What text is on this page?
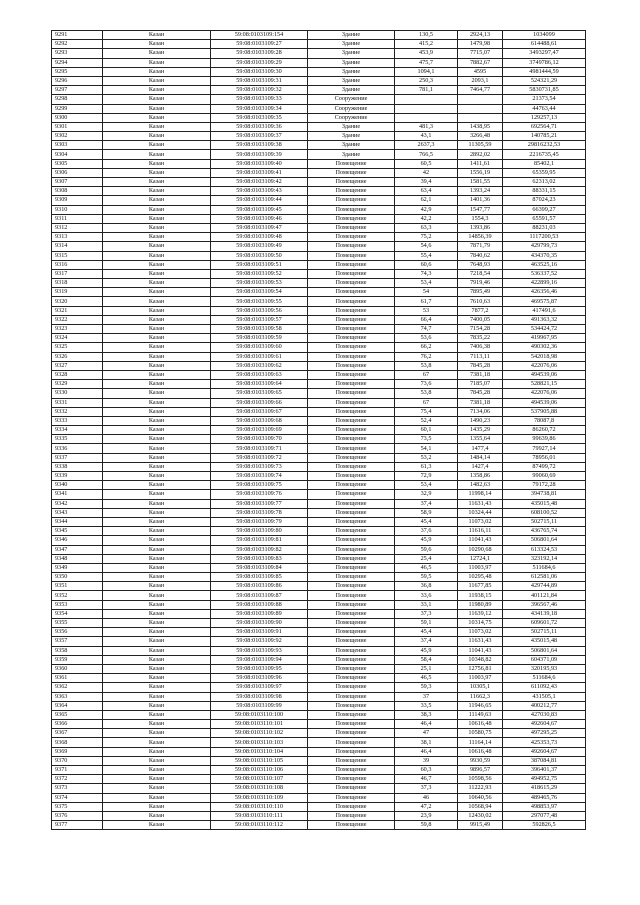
9291	Казан	59:08:0103109:154	Здание	130,5	2924,13	1034099
9292	Казан	59:08:0103109:27	Здание	415,2	1479,98	614488,61
9293	Казан	59:08:0103109:28	Здание	453,9	7715,07	3493297,47
9294	Казан	59:08:0103109:29	Здание	475,7	7882,67	3749786,12
9295	Казан	59:08:0103109:30	Здание	1094,1	4595	4981444,59
9296	Казан	59:08:0103109:31	Здание	250,3	2093,1	524321,29
9297	Казан	59:08:0103109:32	Здание	781,1	7464,77	5830731,85
9298	Казан	59:08:0103109:33	Сооружение			21373,54
9299	Казан	59:08:0103109:34	Сооружение			44763,44
9300	Казан	59:08:0103109:35	Сооружение			129257,13
9301	Казан	59:08:0103109:36	Здание	481,3	1438,95	692564,71
9302	Казан	59:08:0103109:37	Здание	43,1	3266,48	140785,21
9303	Казан	59:08:0103109:38	Здание	2637,3	11305,59	29816232,53
9304	Казан	59:08:0103109:39	Здание	766,5	2892,02	2216735,45
9305	Казан	59:08:0103109:40	Помещение	60,5	1411,61	85402,1
9306	Казан	59:08:0103109:41	Помещение	42	1556,19	65359,95
9307	Казан	59:08:0103109:42	Помещение	39,4	1581,55	62313,02
9308	Казан	59:08:0103109:43	Помещение	63,4	1393,24	88331,15
9309	Казан	59:08:0103109:44	Помещение	62,1	1401,36	87024,23
9310	Казан	59:08:0103109:45	Помещение	42,9	1547,77	66399,27
9311	Казан	59:08:0103109:46	Помещение	42,2	1554,3	65591,57
9312	Казан	59:08:0103109:47	Помещение	63,3	1393,86	88231,03
9313	Казан	59:08:0103109:48	Помещение	75,2	14856,39	1117200,53
9314	Казан	59:08:0103109:49	Помещение	54,6	7871,79	429799,73
9315	Казан	59:08:0103109:50	Помещение	55,4	7840,62	434370,35
9316	Казан	59:08:0103109:51	Помещение	60,6	7648,93	463525,16
9317	Казан	59:08:0103109:52	Помещение	74,3	7218,54	536337,52
9318	Казан	59:08:0103109:53	Помещение	53,4	7919,46	422899,16
9319	Казан	59:08:0103109:54	Помещение	54	7895,49	426356,46
9320	Казан	59:08:0103109:55	Помещение	61,7	7610,63	469575,87
9321	Казан	59:08:0103109:56	Помещение	53	7877,2	417491,6
9322	Казан	59:08:0103109:57	Помещение	66,4	7400,05	491363,32
9323	Казан	59:08:0103109:58	Помещение	74,7	7154,28	534424,72
9324	Казан	59:08:0103109:59	Помещение	53,6	7835,22	419967,95
9325	Казан	59:08:0103109:60	Помещение	66,2	7406,38	490302,36
9326	Казан	59:08:0103109:61	Помещение	76,2	7113,11	542018,98
9327	Казан	59:08:0103109:62	Помещение	53,8	7845,28	422076,06
9328	Казан	59:08:0103109:63	Помещение	67	7381,18	494539,06
9329	Казан	59:08:0103109:64	Помещение	73,6	7185,07	528821,15
9330	Казан	59:08:0103109:65	Помещение	53,8	7845,28	422076,06
9331	Казан	59:08:0103109:66	Помещение	67	7381,18	494539,06
9332	Казан	59:08:0103109:67	Помещение	75,4	7134,06	537905,88
9333	Казан	59:08:0103109:68	Помещение	52,4	1490,23	78087,8
9334	Казан	59:08:0103109:69	Помещение	60,1	1435,29	86260,72
9335	Казан	59:08:0103109:70	Помещение	73,5	1355,64	99639,86
9336	Казан	59:08:0103109:71	Помещение	54,1	1477,4	79927,14
9337	Казан	59:08:0103109:72	Помещение	53,2	1484,14	78956,01
9338	Казан	59:08:0103109:73	Помещение	61,3	1427,4	87499,72
9339	Казан	59:08:0103109:74	Помещение	72,9	1358,86	99060,69
9340	Казан	59:08:0103109:75	Помещение	53,4	1482,63	79172,28
9341	Казан	59:08:0103109:76	Помещение	32,9	11998,14	394738,81
9342	Казан	59:08:0103109:77	Помещение	37,4	11631,43	435015,48
9343	Казан	59:08:0103109:78	Помещение	58,9	10324,44	608100,52
9344	Казан	59:08:0103109:79	Помещение	45,4	11073,02	502715,11
9345	Казан	59:08:0103109:80	Помещение	37,6	11616,11	436765,74
9346	Казан	59:08:0103109:81	Помещение	45,9	11041,43	506801,64
9347	Казан	59:08:0103109:82	Помещение	59,6	10290,68	613324,53
9348	Казан	59:08:0103109:83	Помещение	25,4	12724,1	323192,14
9349	Казан	59:08:0103109:84	Помещение	46,5	11003,97	511684,6
9350	Казан	59:08:0103109:85	Помещение	59,5	10295,48	612581,06
9351	Казан	59:08:0103109:86	Помещение	36,8	11677,85	429744,89
9352	Казан	59:08:0103109:87	Помещение	33,6	11938,15	401121,84
9353	Казан	59:08:0103109:88	Помещение	33,1	11980,89	396567,46
9354	Казан	59:08:0103109:89	Помещение	37,3	11639,12	434139,18
9355	Казан	59:08:0103109:90	Помещение	59,1	10314,75	609601,72
9356	Казан	59:08:0103109:91	Помещение	45,4	11073,02	502715,11
9357	Казан	59:08:0103109:92	Помещение	37,4	11631,43	435015,48
9358	Казан	59:08:0103109:93	Помещение	45,9	11041,43	506801,64
9359	Казан	59:08:0103109:94	Помещение	58,4	10348,82	604371,09
9360	Казан	59:08:0103109:95	Помещение	25,1	12756,81	320195,93
9361	Казан	59:08:0103109:96	Помещение	46,5	11003,97	511684,6
9362	Казан	59:08:0103109:97	Помещение	59,3	10305,1	611092,43
9363	Казан	59:08:0103109:98	Помещение	37	11662,3	431505,1
9364	Казан	59:08:0103109:99	Помещение	33,5	11946,65	400212,77
9365	Казан	59:08:0103110:100	Помещение	38,3	11149,63	427030,83
9366	Казан	59:08:0103110:101	Помещение	46,4	10616,48	492604,67
9367	Казан	59:08:0103110:102	Помещение	47	10580,75	497295,25
9368	Казан	59:08:0103110:103	Помещение	38,1	11164,14	425353,73
9369	Казан	59:08:0103110:104	Помещение	46,4	10616,48	492604,67
9370	Казан	59:08:0103110:105	Помещение	39	9930,59	387084,81
9371	Казан	59:08:0103110:106	Помещение	60,3	9896,57	396401,37
9372	Казан	59:08:0103110:107	Помещение	46,7	10598,56	494952,75
9373	Казан	59:08:0103110:108	Помещение	37,3	11222,93	418615,29
9374	Казан	59:08:0103110:109	Помещение	46	10640,56	489465,76
9375	Казан	59:08:0103110:110	Помещение	47,2	10568,94	498853,97
9376	Казан	59:08:0103110:111	Помещение	23,9	12430,02	297077,48
9377	Казан	59:08:0103110:112	Помещение	59,8	9915,49	592826,5
